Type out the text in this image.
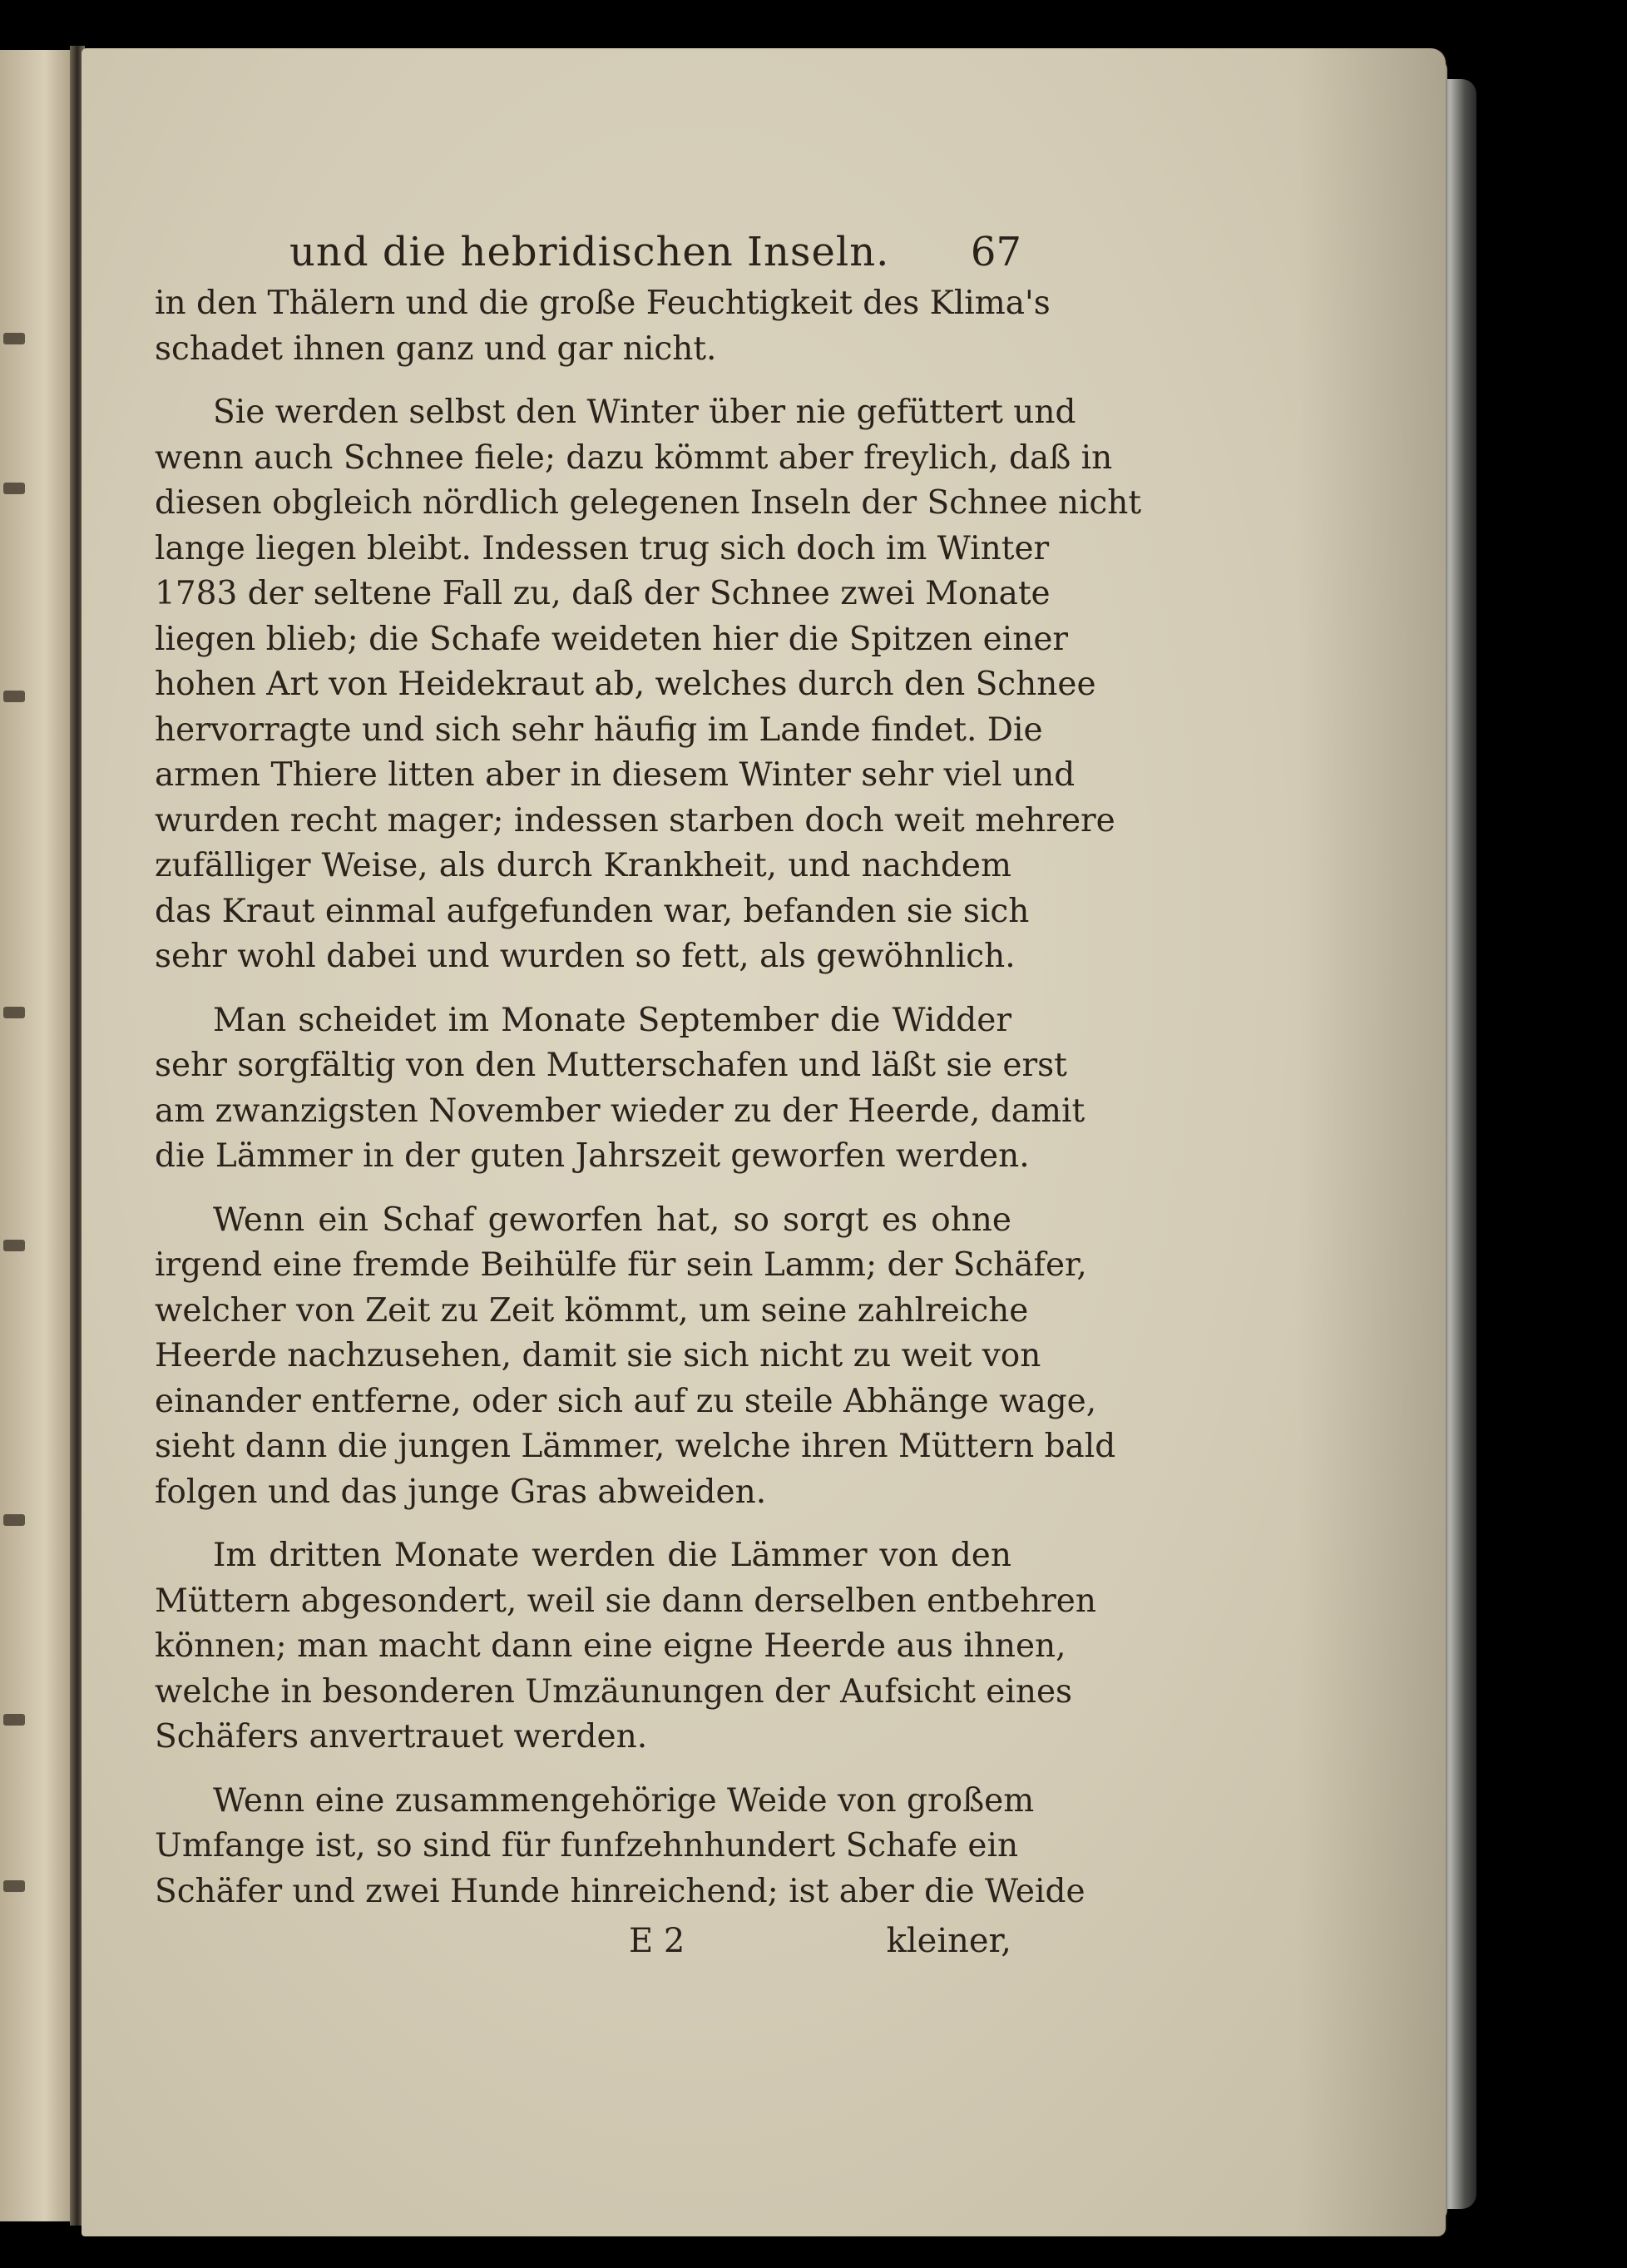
und die hebridischen Inseln. 67
in den Thälern und die große Feuchtigkeit des Klima's
schadet ihnen ganz und gar nicht.
Sie werden selbst den Winter über nie gefüttert und
wenn auch Schnee fiele; dazu kömmt aber freylich, daß in
diesen obgleich nördlich gelegenen Inseln der Schnee nicht
lange liegen bleibt. Indessen trug sich doch im Winter
1783 der seltene Fall zu, daß der Schnee zwei Monate
liegen blieb; die Schafe weideten hier die Spitzen einer
hohen Art von Heidekraut ab, welches durch den Schnee
hervorragte und sich sehr häufig im Lande findet. Die
armen Thiere litten aber in diesem Winter sehr viel und
wurden recht mager; indessen starben doch weit mehrere
zufälliger Weise, als durch Krankheit, und nachdem
das Kraut einmal aufgefunden war, befanden sie sich
sehr wohl dabei und wurden so fett, als gewöhnlich.
Man scheidet im Monate September die Widder
sehr sorgfältig von den Mutterschafen und läßt sie erst
am zwanzigsten November wieder zu der Heerde, damit
die Lämmer in der guten Jahrszeit geworfen werden.
Wenn ein Schaf geworfen hat, so sorgt es ohne
irgend eine fremde Beihülfe für sein Lamm; der Schäfer,
welcher von Zeit zu Zeit kömmt, um seine zahlreiche
Heerde nachzusehen, damit sie sich nicht zu weit von
einander entferne, oder sich auf zu steile Abhänge wage,
sieht dann die jungen Lämmer, welche ihren Müttern bald
folgen und das junge Gras abweiden.
Im dritten Monate werden die Lämmer von den
Müttern abgesondert, weil sie dann derselben entbehren
können; man macht dann eine eigne Heerde aus ihnen,
welche in besonderen Umzäunungen der Aufsicht eines
Schäfers anvertrauet werden.
Wenn eine zusammengehörige Weide von großem
Umfange ist, so sind für funfzehnhundert Schafe ein
Schäfer und zwei Hunde hinreichend; ist aber die Weide
E 2	kleiner,
